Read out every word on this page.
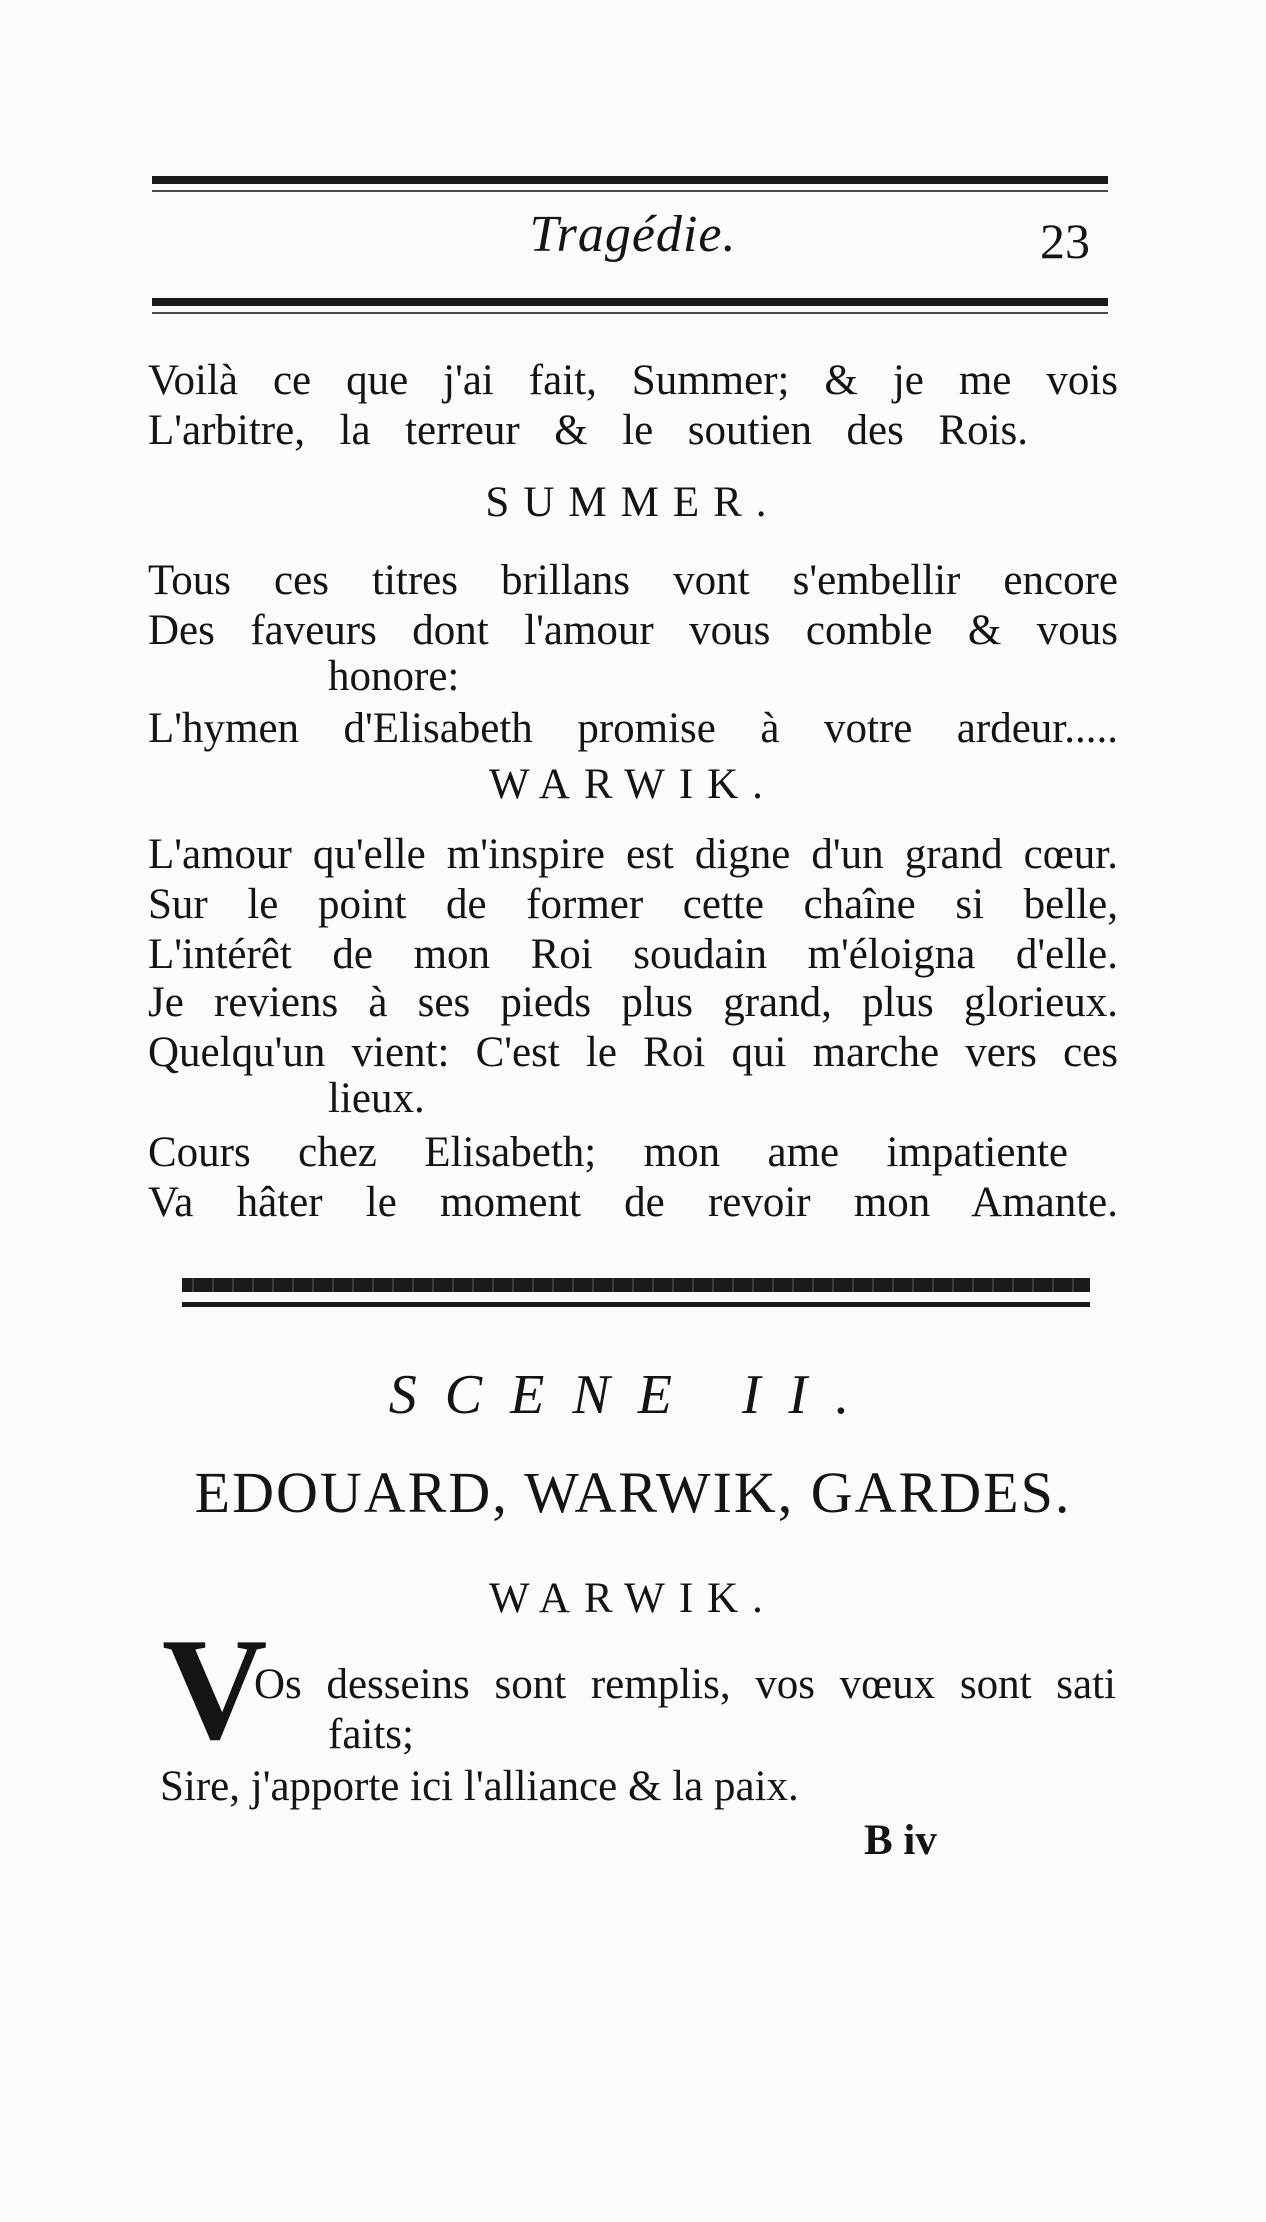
Tragédie.	23
Voilà ce que j'ai fait, Summer; & je me vois
L'arbitre, la terreur & le soutien des Rois.
SUMMER.
Tous ces titres brillans vont s'embellir encore
Des faveurs dont l'amour vous comble & vous
honore:
L'hymen d'Elisabeth promise à votre ardeur.....
WARWIK.
L'amour qu'elle m'inspire est digne d'un grand cœur.
Sur le point de former cette chaîne si belle,
L'intérêt de mon Roi soudain m'éloigna d'elle.
Je reviens à ses pieds plus grand, plus glorieux.
Quelqu'un vient: C'est le Roi qui marche vers ces
lieux.
Cours chez Elisabeth; mon ame impatiente
Va hâter le moment de revoir mon Amante.
SCENE II.
EDOUARD, WARWIK, GARDES.
WARWIK.
V
Os desseins sont remplis, vos vœux sont sati
faits;
Sire, j'apporte ici l'alliance & la paix.
B iv
